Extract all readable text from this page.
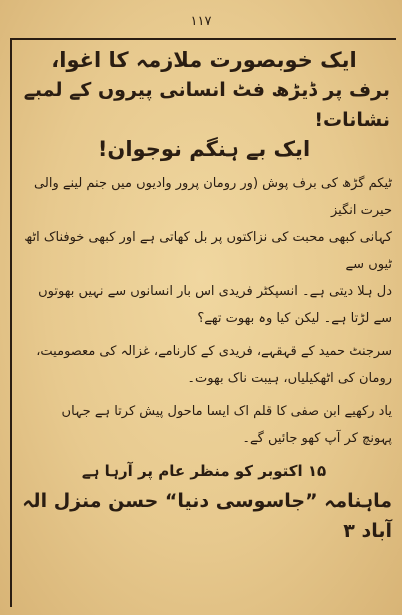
۱۱۷
ایک خوبصورت ملازمہ کا اغوا،
برف پر ڈیڑھ فٹ انسانی پیروں کے لمبے نشانات!
ایک بے ہنگم نوجوان!

ٹیکم گڑھ کی برف پوش (ور رومان پرور وادیوں میں جنم لینے والی حیرت انگیز

کہانی کبھی محبت کی نزاکتوں پر بل کھاتی ہے اور کبھی خوفناک اٹھ ٹیوں سے

دل ہلا دیتی ہے۔ انسپکٹر فریدی اس بار انسانوں سے نہیں بھوتوں

سے لڑتا ہے۔ لیکن کیا وہ بھوت تھے؟

سرجنٹ حمید کے قہقہے، فریدی کے کارنامے، غزالہ کی معصومیت،

رومان کی اٹھکیلیاں، ہیبت ناک بھوت۔

یاد رکھیے ابن صفی کا قلم اک ایسا ماحول پیش کرتا ہے جہاں

پہونچ کر آپ کھو جائیں گے۔

۱۵ اکتوبر کو منظر عام پر آرہا ہے
ماہنامہ ”جاسوسی دنیا“ حسن منزل الہ آباد ۳
